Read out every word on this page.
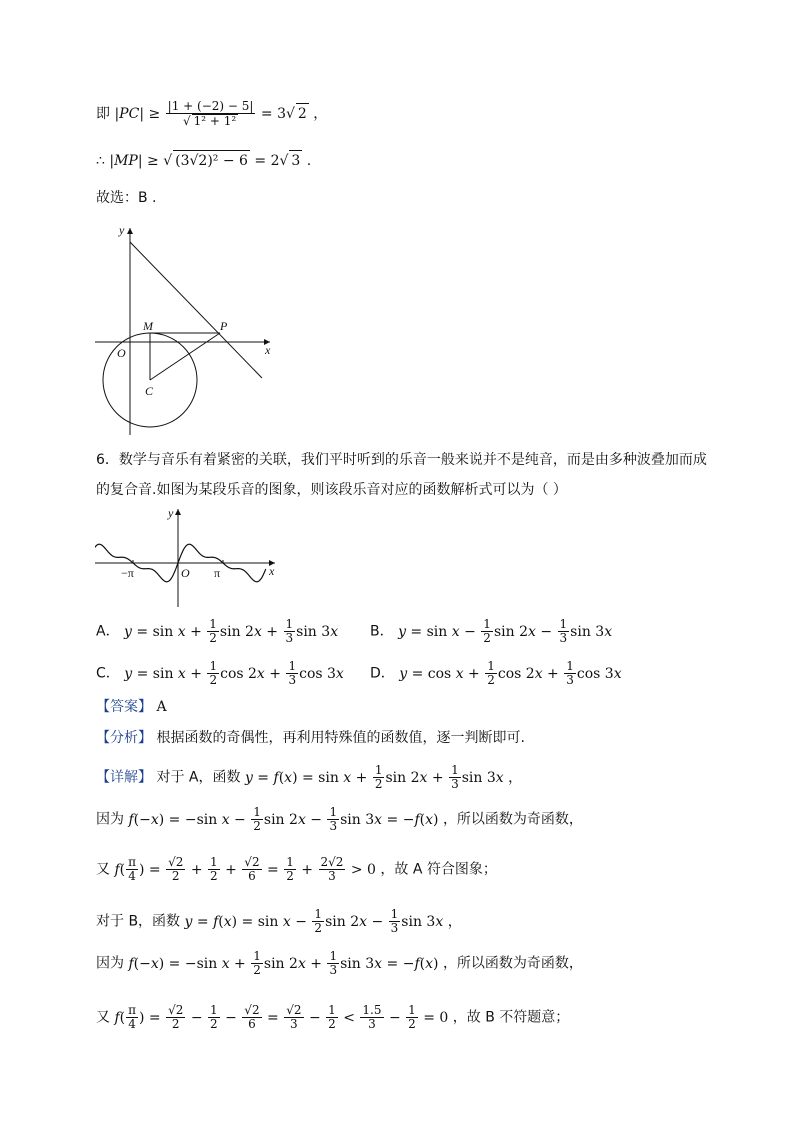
即 $|PC| \ge \frac{|1 + (-2) - 5|}{\text{√ 1² + 1²}} = 3√$ 2 ，
∴ |MP| ≥ √ (3√2)² − 6 = 2√ 3 .
故选：B .
y
x
O
M	P
C
6．数学与音乐有着紧密的关联，我们平时听到的乐音一般来说并不是纯音，而是由多种波叠加而成
的复合音.如图为某段乐音的图象，则该段乐音对应的函数解析式可以为（ ）
y
x
O
−π	π
A． $y = \sin x + \frac{1}{2}$ $\sin 2x + \frac{1}{3}$ sin 3x B． $y = \sin x - \frac{1}{2}$ $\sin 2x - \frac{1}{3}$ sin 3x
C． $y = \sin x + \frac{1}{2}$ $\cos 2x + \frac{1}{3}$ cos 3x D． $y = \cos x + \frac{1}{2}$ $\cos 2x + \frac{1}{3}$ cos 3x
【答案】 A
【分析】 根据函数的奇偶性，再利用特殊值的函数值，逐一判断即可.
【详解】 对于 A，函数 $y = f(x) = \sin x + \frac{1}{2}$ $\sin 2x + \frac{1}{3}$ sin 3x ，
因为 f(−x) = −sin $x - \frac{1}{2}$ $\sin 2x - \frac{1}{3}$ sin 3x = −f(x) ，所以函数为奇函数，
又 $f( \frac{\pi}{4}$ ) = $\frac{√2}{2} + \frac{1}{2} + \frac{√2}{6} = \frac{1}{2} + \frac{2√2}{3} > 0$ ，故 A 符合图象；
对于 B，函数 $y = f(x) = \sin x - \frac{1}{2}$ $\sin 2x - \frac{1}{3}$ sin 3x ，
因为 f(−x) = −sin $x + \frac{1}{2}$ $\sin 2x + \frac{1}{3}$ sin 3x = −f(x) ，所以函数为奇函数，
又 $f( \frac{\pi}{4}$ ) = $\frac{√2}{2} - \frac{1}{2} - \frac{√2}{6} = \frac{√2}{3} - \frac{1}{2} < \frac{1.5}{3} - \frac{1}{2} = 0$ ，故 B 不符题意；
